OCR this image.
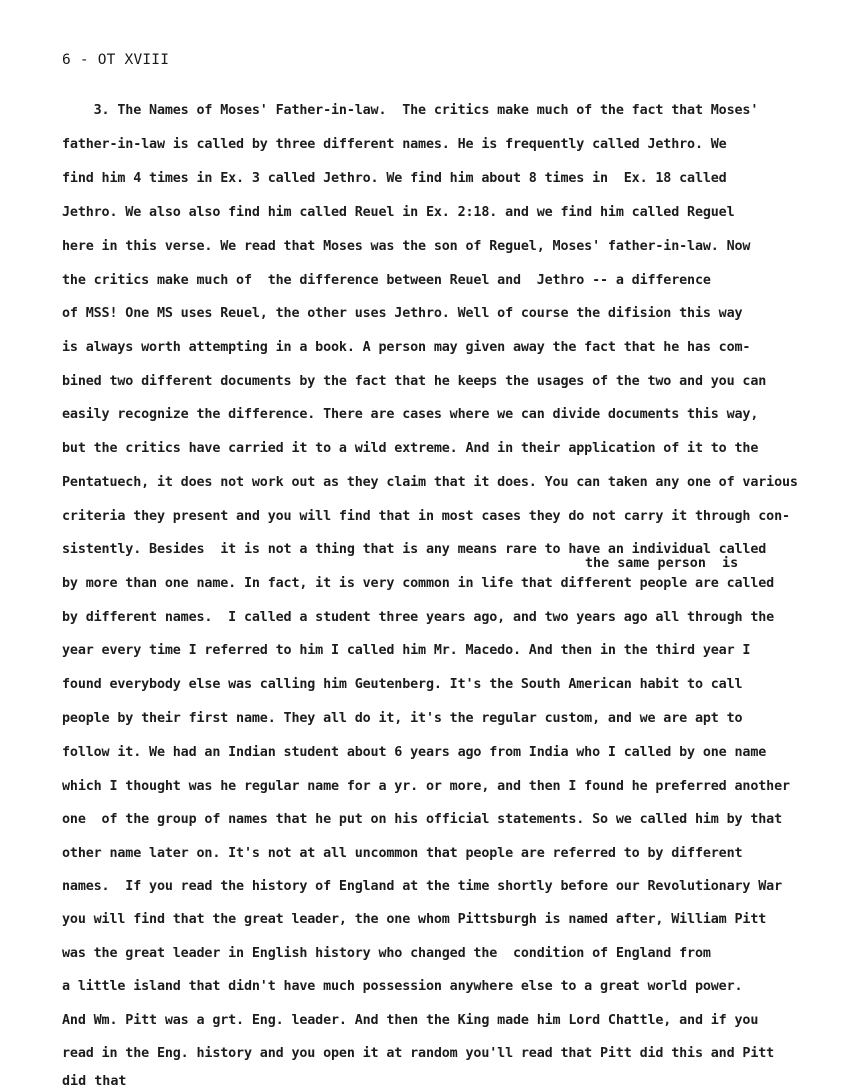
6 - OT XVIII
3. The Names of Moses' Father-in-law.  The critics make much of the fact that Moses'
father-in-law is called by three different names. He is frequently called Jethro. We
find him 4 times in Ex. 3 called Jethro. We find him about 8 times in  Ex. 18 called
Jethro. We also also find him called Reuel in Ex. 2:18. and we find him called Reguel
here in this verse. We read that Moses was the son of Reguel, Moses' father-in-law. Now
the critics make much of  the difference between Reuel and  Jethro -- a difference
of MSS! One MS uses Reuel, the other uses Jethro. Well of course the difision this way
is always worth attempting in a book. A person may given away the fact that he has com-
bined two different documents by the fact that he keeps the usages of the two and you can
easily recognize the difference. There are cases where we can divide documents this way,
but the critics have carried it to a wild extreme. And in their application of it to the
Pentatuech, it does not work out as they claim that it does. You can taken any one of various
criteria they present and you will find that in most cases they do not carry it through con-
sistently. Besides  it is not a thing that is any means rare to have an individual called
by more than one name. In fact, it is very common in life that different people are called
by different names.  I called a student three years ago, and two years ago all through the
year every time I referred to him I called him Mr. Macedo. And then in the third year I
found everybody else was calling him Geutenberg. It's the South American habit to call
people by their first name. They all do it, it's the regular custom, and we are apt to
follow it. We had an Indian student about 6 years ago from India who I called by one name
which I thought was he regular name for a yr. or more, and then I found he preferred another
one  of the group of names that he put on his official statements. So we called him by that
other name later on. It's not at all uncommon that people are referred to by different
names.  If you read the history of England at the time shortly before our Revolutionary War
you will find that the great leader, the one whom Pittsburgh is named after, William Pitt
was the great leader in English history who changed the  condition of England from
a little island that didn't have much possession anywhere else to a great world power.
And Wm. Pitt was a grt. Eng. leader. And then the King made him Lord Chattle, and if you
read in the Eng. history and you open it at random you'll read that Pitt did this and Pitt
the same person  is
did that
